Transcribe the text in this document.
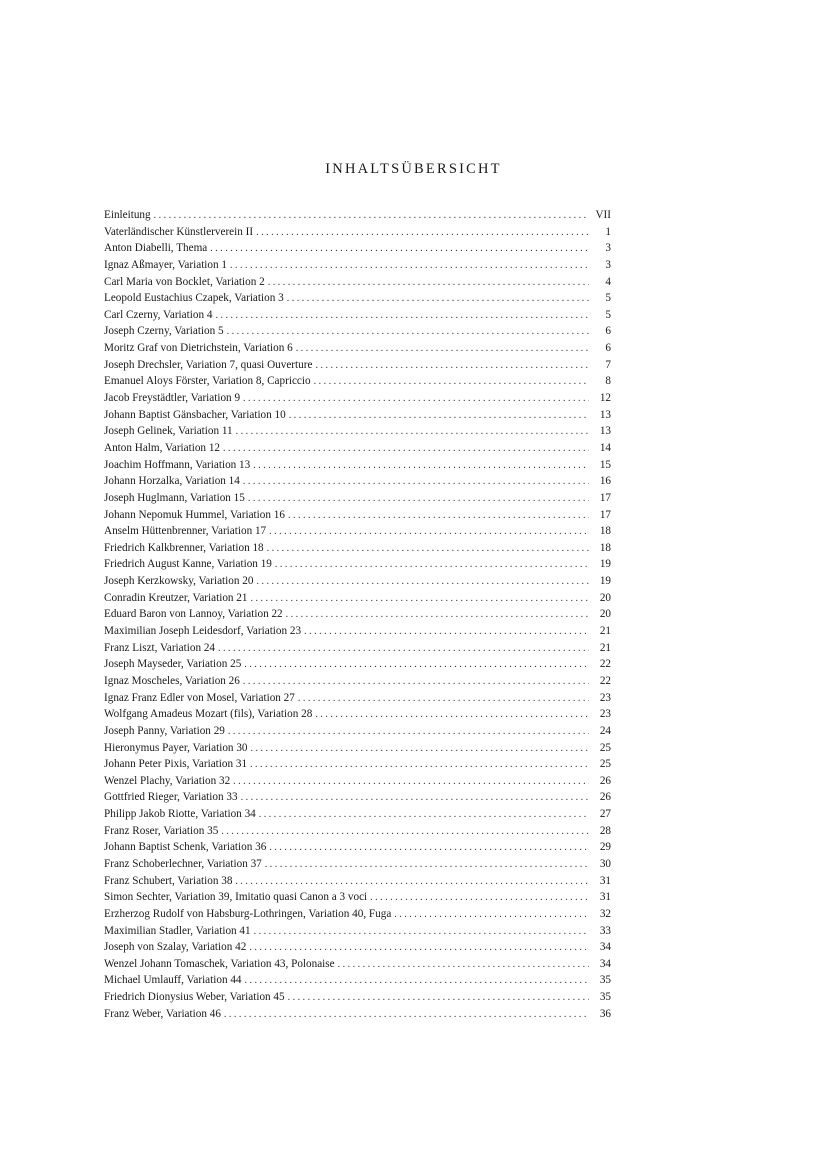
INHALTSÜBERSICHT
Einleitung . . .	VII
Vaterländischer Künstlerverein II . . .	1
Anton Diabelli, Thema . . .	3
Ignaz Aßmayer, Variation 1 . . .	3
Carl Maria von Bocklet, Variation 2 . . .	4
Leopold Eustachius Czapek, Variation 3 . . .	5
Carl Czerny, Variation 4 . . .	5
Joseph Czerny, Variation 5 . . .	6
Moritz Graf von Dietrichstein, Variation 6 . . .	6
Joseph Drechsler, Variation 7, quasi Ouverture . . .	7
Emanuel Aloys Förster, Variation 8, Capriccio . . .	8
Jacob Freystädtler, Variation 9 . . .	12
Johann Baptist Gänsbacher, Variation 10 . . .	13
Joseph Gelinek, Variation 11 . . .	13
Anton Halm, Variation 12 . . .	14
Joachim Hoffmann, Variation 13 . . .	15
Johann Horzalka, Variation 14 . . .	16
Joseph Huglmann, Variation 15 . . .	17
Johann Nepomuk Hummel, Variation 16 . . .	17
Anselm Hüttenbrenner, Variation 17 . . .	18
Friedrich Kalkbrenner, Variation 18 . . .	18
Friedrich August Kanne, Variation 19 . . .	19
Joseph Kerzkowsky, Variation 20 . . .	19
Conradin Kreutzer, Variation 21 . . .	20
Eduard Baron von Lannoy, Variation 22 . . .	20
Maximilian Joseph Leidesdorf, Variation 23 . . .	21
Franz Liszt, Variation 24 . . .	21
Joseph Mayseder, Variation 25 . . .	22
Ignaz Moscheles, Variation 26 . . .	22
Ignaz Franz Edler von Mosel, Variation 27 . . .	23
Wolfgang Amadeus Mozart (fils), Variation 28 . . .	23
Joseph Panny, Variation 29 . . .	24
Hieronymus Payer, Variation 30 . . .	25
Johann Peter Pixis, Variation 31 . . .	25
Wenzel Plachy, Variation 32 . . .	26
Gottfried Rieger, Variation 33 . . .	26
Philipp Jakob Riotte, Variation 34 . . .	27
Franz Roser, Variation 35 . . .	28
Johann Baptist Schenk, Variation 36 . . .	29
Franz Schoberlechner, Variation 37 . . .	30
Franz Schubert, Variation 38 . . .	31
Simon Sechter, Variation 39, Imitatio quasi Canon a 3 voci . . .	31
Erzherzog Rudolf von Habsburg-Lothringen, Variation 40, Fuga . . .	32
Maximilian Stadler, Variation 41 . . .	33
Joseph von Szalay, Variation 42 . . .	34
Wenzel Johann Tomaschek, Variation 43, Polonaise . . .	34
Michael Umlauff, Variation 44 . . .	35
Friedrich Dionysius Weber, Variation 45 . . .	35
Franz Weber, Variation 46 . . .	36
